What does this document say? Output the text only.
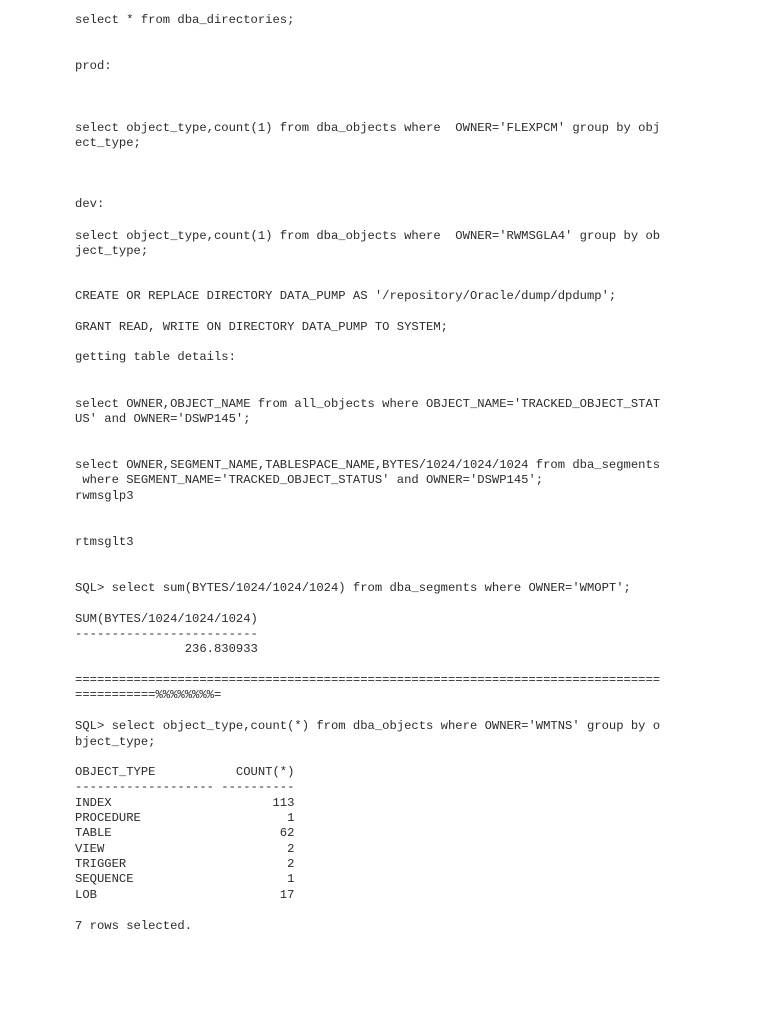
select * from dba_directories;

prod:

select object_type,count(1) from dba_objects where  OWNER='FLEXPCM' group by obj

ect_type;

dev:

select object_type,count(1) from dba_objects where  OWNER='RWMSGLA4' group by ob

ject_type;

CREATE OR REPLACE DIRECTORY DATA_PUMP AS '/repository/Oracle/dump/dpdump';

GRANT READ, WRITE ON DIRECTORY DATA_PUMP TO SYSTEM;

getting table details:

select OWNER,OBJECT_NAME from all_objects where OBJECT_NAME='TRACKED_OBJECT_STAT

US' and OWNER='DSWP145';

select OWNER,SEGMENT_NAME,TABLESPACE_NAME,BYTES/1024/1024/1024 from dba_segments

where SEGMENT_NAME='TRACKED_OBJECT_STATUS' and OWNER='DSWP145';

rwmsglp3

rtmsglt3

SQL> select sum(BYTES/1024/1024/1024) from dba_segments where OWNER='WMOPT';

SUM(BYTES/1024/1024/1024)

-------------------------

236.830933

================================================================================

===========%%%%%%%%=

SQL> select object_type,count(*) from dba_objects where OWNER='WMTNS' group by o

bject_type;

OBJECT_TYPE           COUNT(*)

------------------- ----------

INDEX                      113

PROCEDURE                    1

TABLE                       62

VIEW                         2

TRIGGER                      2

SEQUENCE                     1

LOB                         17

7 rows selected.
